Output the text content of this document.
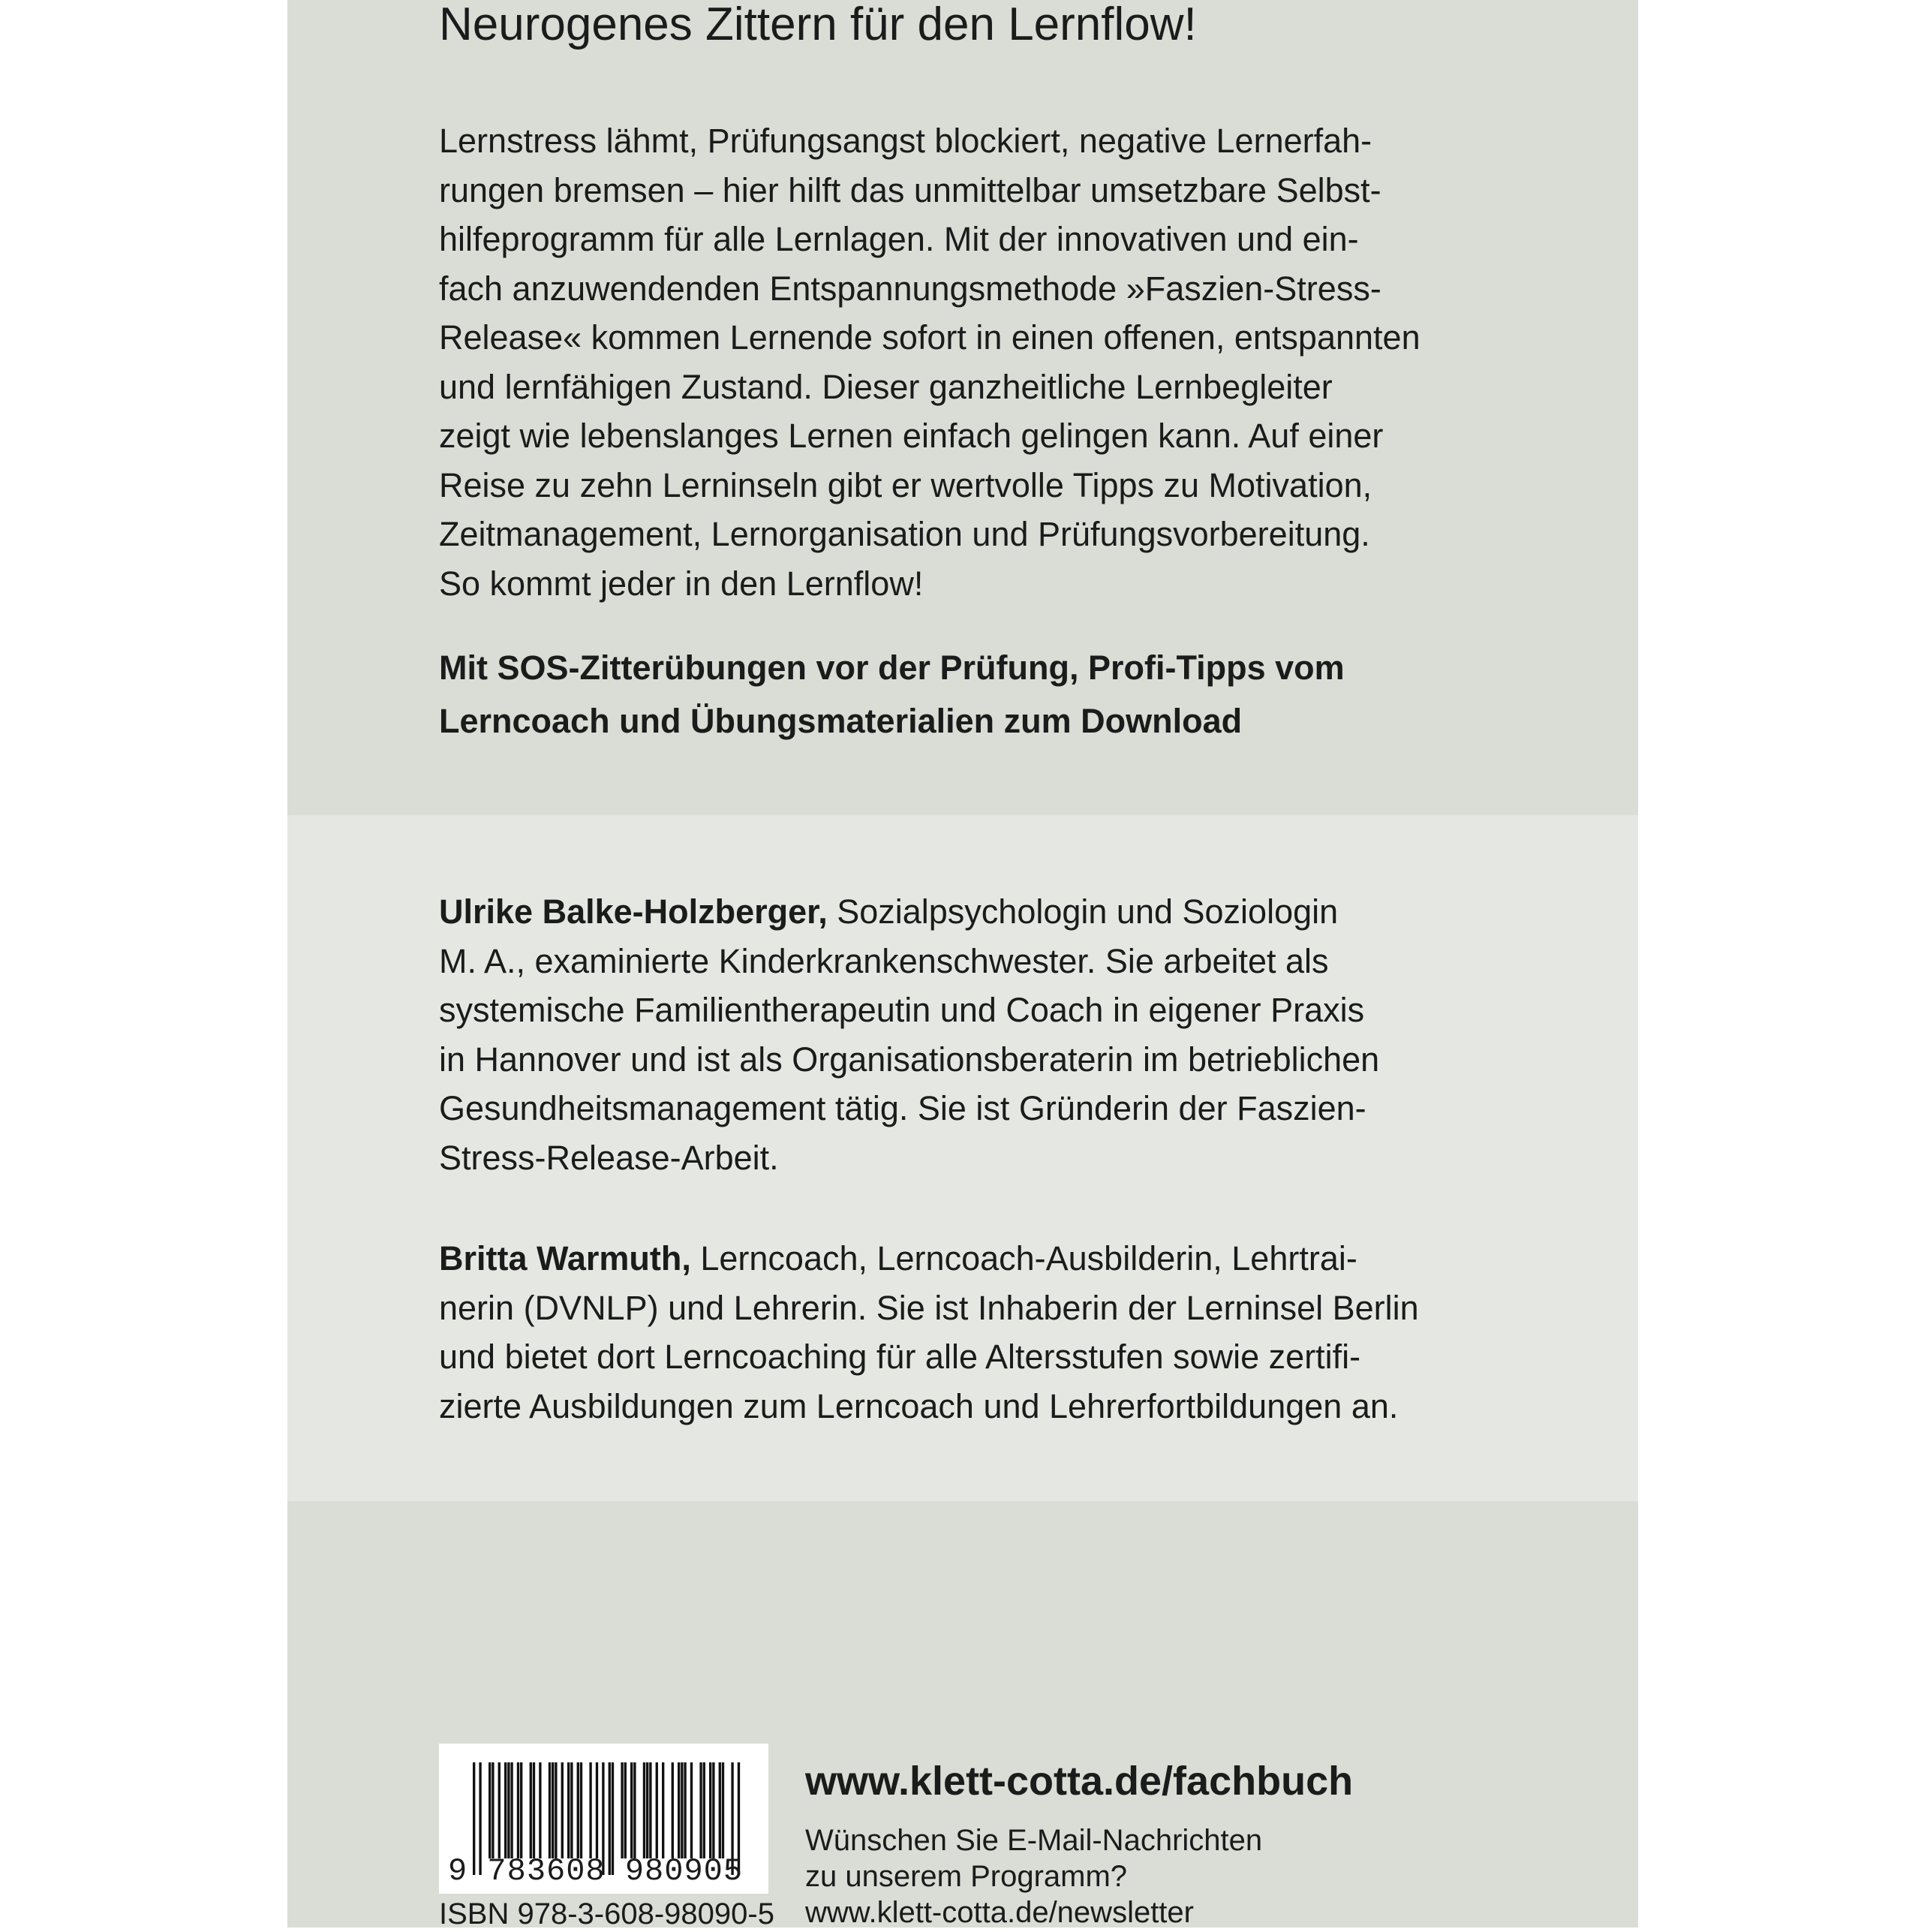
Neurogenes Zittern für den Lernflow!
Lernstress lähmt, Prüfungsangst blockiert, negative Lernerfah-
rungen bremsen – hier hilft das unmittelbar umsetzbare Selbst-
hilfeprogramm für alle Lernlagen. Mit der innovativen und ein-
fach anzuwendenden Entspannungsmethode »Faszien-Stress-
Release« kommen Lernende sofort in einen offenen, entspannten
und lernfähigen Zustand. Dieser ganzheitliche Lernbegleiter
zeigt wie lebenslanges Lernen einfach gelingen kann. Auf einer
Reise zu zehn Lerninseln gibt er wertvolle Tipps zu Motivation,
Zeitmanagement, Lernorganisation und Prüfungsvorbereitung.
So kommt jeder in den Lernflow!
Mit SOS-Zitterübungen vor der Prüfung, Profi-Tipps vom
Lerncoach und Übungsmaterialien zum Download
Ulrike Balke-Holzberger, Sozialpsychologin und Soziologin
M. A., examinierte Kinderkrankenschwester. Sie arbeitet als
systemische Familientherapeutin und Coach in eigener Praxis
in Hannover und ist als Organisationsberaterin im betrieblichen
Gesundheitsmanagement tätig. Sie ist Gründerin der Faszien-
Stress-Release-Arbeit.
Britta Warmuth, Lerncoach, Lerncoach-Ausbilderin, Lehrtrai-
nerin (DVNLP) und Lehrerin. Sie ist Inhaberin der Lerninsel Berlin
und bietet dort Lerncoaching für alle Altersstufen sowie zertifi-
zierte Ausbildungen zum Lerncoach und Lehrerfortbildungen an.
9 783608 980905
ISBN 978-3-608-98090-5
www.klett-cotta.de/fachbuch
Wünschen Sie E-Mail-Nachrichten
zu unserem Programm?
www.klett-cotta.de/newsletter
